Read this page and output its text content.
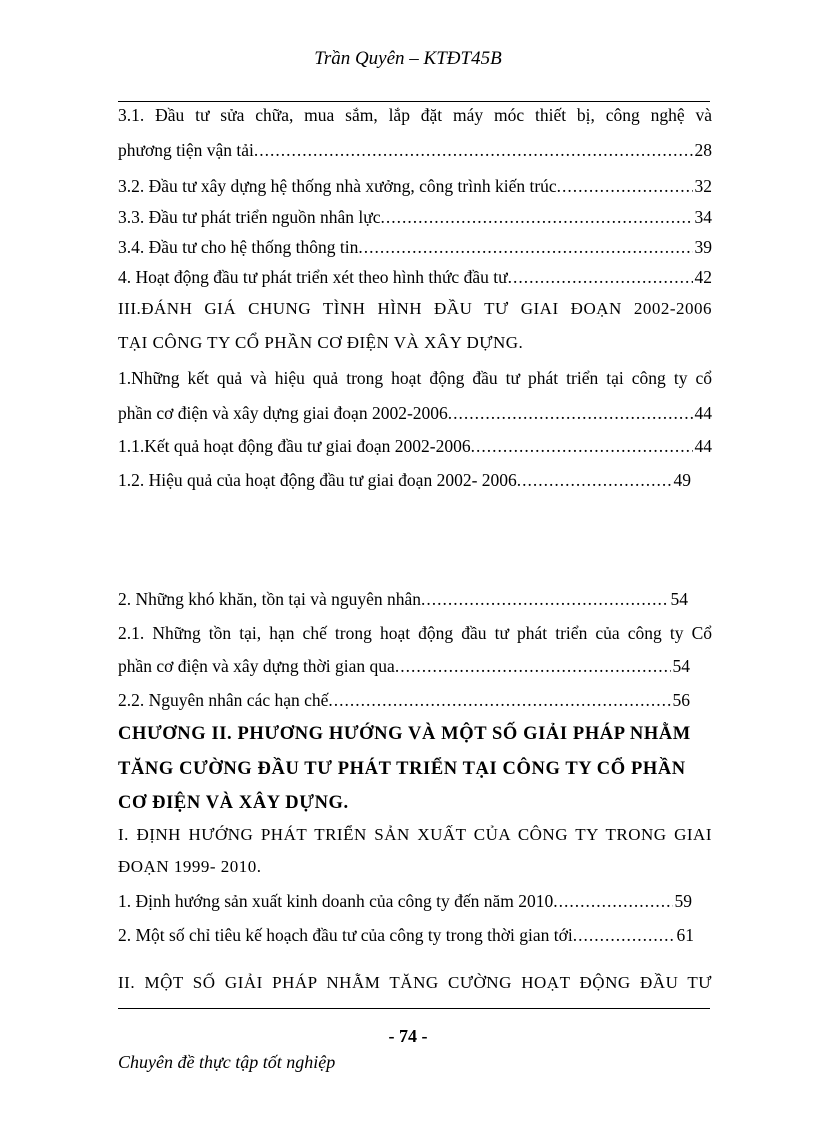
Trần Quyên – KTĐT45B
3.1. Đầu tư sửa chữa, mua sắm, lắp đặt máy móc thiết bị, công nghệ và
phương tiện vận tải .....	28
3.2. Đầu tư xây dựng hệ thống nhà xưởng, công trình kiến trúc .....	32
3.3. Đầu tư phát triển nguồn nhân lực .....	34
3.4. Đầu tư cho hệ thống thông tin .....	39
4. Hoạt động đầu tư phát triển xét theo hình thức đầu tư .....	42
III.ĐÁNH GIÁ CHUNG TÌNH HÌNH ĐẦU TƯ GIAI ĐOẠN 2002-2006
TẠI CÔNG TY CỔ PHẦN CƠ ĐIỆN VÀ XÂY DỰNG.
1.Những kết quả và hiệu quả trong hoạt động đầu tư phát triển tại công ty cổ
phần cơ điện và xây dựng giai đoạn 2002-2006 .....	44
1.1.Kết quả hoạt động đầu tư giai đoạn 2002-2006 .....	44
1.2. Hiệu quả của hoạt động đầu tư giai đoạn 2002- 2006 .....	49
2. Những khó khăn, tồn tại và nguyên nhân .....	54
2.1. Những tồn tại, hạn chế trong hoạt động đầu tư phát triển của công ty Cổ
phần cơ điện và xây dựng thời gian qua .....	54
2.2. Nguyên nhân các hạn chế .....	56
CHƯƠNG II. PHƯƠNG HƯỚNG VÀ MỘT SỐ GIẢI PHÁP NHẰM
TĂNG CƯỜNG ĐẦU TƯ PHÁT TRIỂN TẠI CÔNG TY CỔ PHẦN
CƠ ĐIỆN VÀ XÂY DỰNG.
I. ĐỊNH HƯỚNG PHÁT TRIỂN SẢN XUẤT CỦA CÔNG TY TRONG GIAI
ĐOẠN 1999- 2010.
1. Định hướng sản xuất kinh doanh của công ty đến năm 2010 .....	59
2. Một số chỉ tiêu kế hoạch đầu tư của công ty trong thời gian tới .....	61
II. MỘT SỐ GIẢI PHÁP NHẰM TĂNG CƯỜNG HOẠT ĐỘNG ĐẦU TƯ
- 74 -
Chuyên đề thực tập tốt nghiệp
